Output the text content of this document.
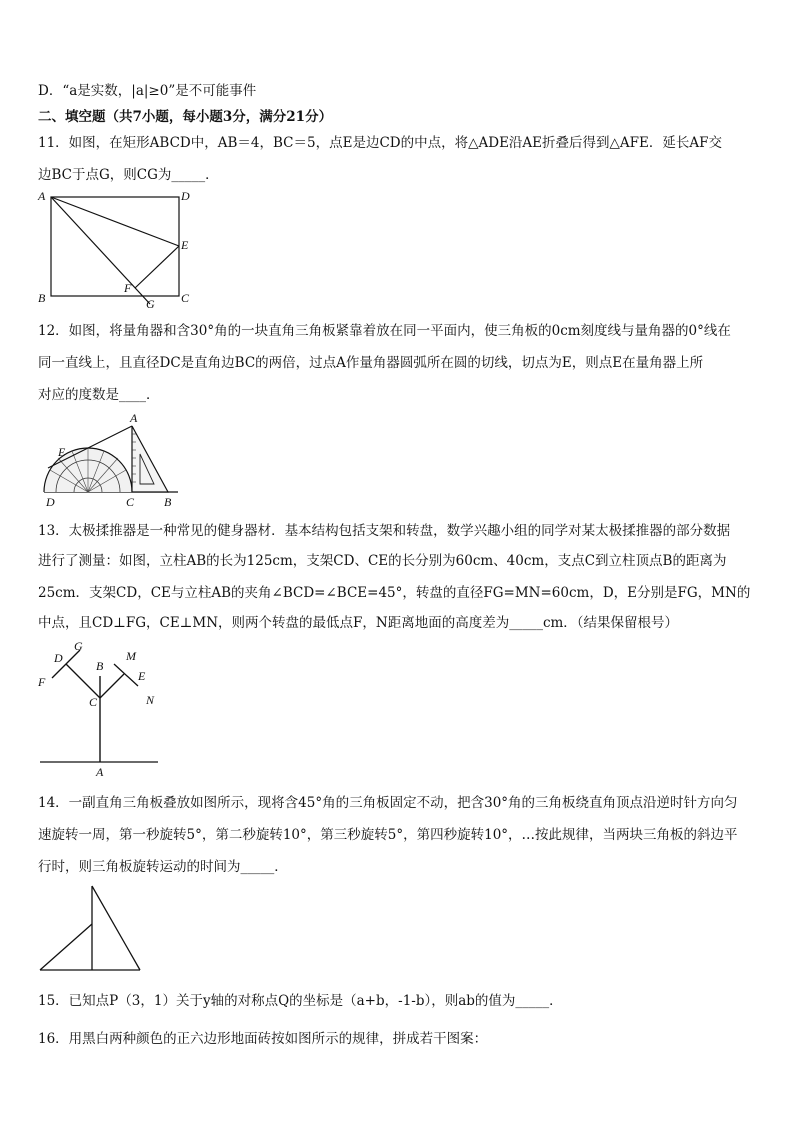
D．“a是实数，|a|≥0”是不可能事件
二、填空题（共7小题，每小题3分，满分21分）
11．如图，在矩形ABCD中，AB＝4，BC＝5，点E是边CD的中点，将△ADE沿AE折叠后得到△AFE．延长AF交
边BC于点G，则CG为_____．
A	D
E
B	C
F
G
12．如图，将量角器和含30°角的一块直角三角板紧靠着放在同一平面内，使三角板的0cm刻度线与量角器的0°线在
同一直线上，且直径DC是直角边BC的两倍，过点A作量角器圆弧所在圆的切线，切点为E，则点E在量角器上所
对应的度数是____．
A
E
D	C B
13．太极揉推器是一种常见的健身器材．基本结构包括支架和转盘，数学兴趣小组的同学对某太极揉推器的部分数据
进行了测量：如图，立柱AB的长为125cm，支架CD、CE的长分别为60cm、40cm，支点C到立柱顶点B的距离为
25cm．支架CD，CE与立柱AB的夹角∠BCD=∠BCE=45°，转盘的直径FG=MN=60cm，D，E分别是FG，MN的
中点，且CD⊥FG，CE⊥MN，则两个转盘的最低点F，N距离地面的高度差为_____cm．（结果保留根号）
G
D
F
B
C
M
E
N
A
14．一副直角三角板叠放如图所示，现将含45°角的三角板固定不动，把含30°角的三角板绕直角顶点沿逆时针方向匀
速旋转一周，第一秒旋转5°，第二秒旋转10°，第三秒旋转5°，第四秒旋转10°，…按此规律，当两块三角板的斜边平
行时，则三角板旋转运动的时间为_____．
15．已知点P（3，1）关于y轴的对称点Q的坐标是（a+b，-1-b），则ab的值为_____．
16．用黑白两种颜色的正六边形地面砖按如图所示的规律，拼成若干图案：
